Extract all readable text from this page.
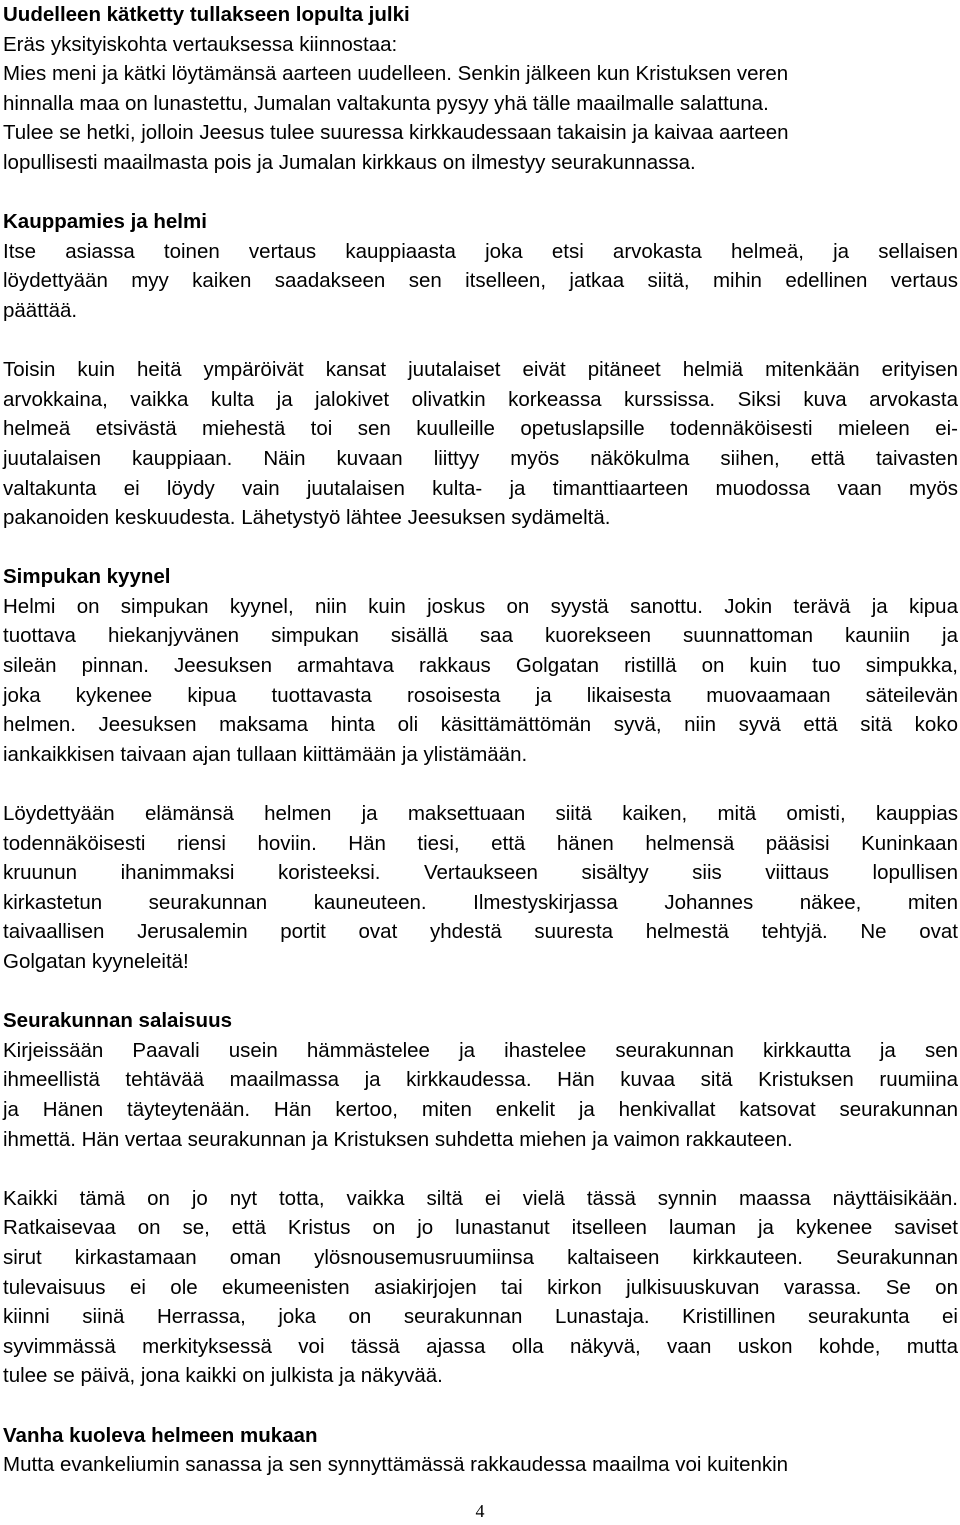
Uudelleen kätketty tullakseen lopulta julki
Eräs yksityiskohta vertauksessa kiinnostaa:
Mies meni ja kätki löytämänsä aarteen uudelleen. Senkin jälkeen kun Kristuksen veren
hinnalla maa on lunastettu, Jumalan valtakunta pysyy yhä tälle maailmalle salattuna.
Tulee se hetki, jolloin Jeesus tulee suuressa kirkkaudessaan takaisin ja kaivaa aarteen
lopullisesti maailmasta pois ja Jumalan kirkkaus on ilmestyy seurakunnassa.
Kauppamies ja helmi
Itse asiassa toinen vertaus kauppiaasta joka etsi arvokasta helmeä, ja sellaisen
löydettyään myy kaiken saadakseen sen itselleen, jatkaa siitä, mihin edellinen vertaus
päättää.
Toisin kuin heitä ympäröivät kansat juutalaiset eivät pitäneet helmiä mitenkään erityisen
arvokkaina, vaikka kulta ja jalokivet olivatkin korkeassa kurssissa. Siksi kuva arvokasta
helmeä etsivästä miehestä toi sen kuulleille opetuslapsille todennäköisesti mieleen ei-
juutalaisen kauppiaan. Näin kuvaan liittyy myös näkökulma siihen, että taivasten
valtakunta ei löydy vain juutalaisen kulta- ja timanttiaarteen muodossa vaan myös
pakanoiden keskuudesta. Lähetystyö lähtee Jeesuksen sydämeltä.
Simpukan kyynel
Helmi on simpukan kyynel, niin kuin joskus on syystä sanottu. Jokin terävä ja kipua
tuottava hiekanjyvänen simpukan sisällä saa kuorekseen suunnattoman kauniin ja
sileän pinnan. Jeesuksen armahtava rakkaus Golgatan ristillä on kuin tuo simpukka,
joka kykenee kipua tuottavasta rosoisesta ja likaisesta muovaamaan säteilevän
helmen. Jeesuksen maksama hinta oli käsittämättömän syvä, niin syvä että sitä koko
iankaikkisen taivaan ajan tullaan kiittämään ja ylistämään.
Löydettyään elämänsä helmen ja maksettuaan siitä kaiken, mitä omisti, kauppias
todennäköisesti riensi hoviin. Hän tiesi, että hänen helmensä pääsisi Kuninkaan
kruunun ihanimmaksi koristeeksi. Vertaukseen sisältyy siis viittaus lopullisen
kirkastetun seurakunnan kauneuteen. Ilmestyskirjassa Johannes näkee, miten
taivaallisen Jerusalemin portit ovat yhdestä suuresta helmestä tehtyjä. Ne ovat
Golgatan kyyneleitä!
Seurakunnan salaisuus
Kirjeissään Paavali usein hämmästelee ja ihastelee seurakunnan kirkkautta ja sen
ihmeellistä tehtävää maailmassa ja kirkkaudessa. Hän kuvaa sitä Kristuksen ruumiina
ja Hänen täyteytenään. Hän kertoo, miten enkelit ja henkivallat katsovat seurakunnan
ihmettä. Hän vertaa seurakunnan ja Kristuksen suhdetta miehen ja vaimon rakkauteen.
Kaikki tämä on jo nyt totta, vaikka siltä ei vielä tässä synnin maassa näyttäisikään.
Ratkaisevaa on se, että Kristus on jo lunastanut itselleen lauman ja kykenee saviset
sirut kirkastamaan oman ylösnousemusruumiinsa kaltaiseen kirkkauteen. Seurakunnan
tulevaisuus ei ole ekumeenisten asiakirjojen tai kirkon julkisuuskuvan varassa. Se on
kiinni siinä Herrassa, joka on seurakunnan Lunastaja. Kristillinen seurakunta ei
syvimmässä merkityksessä voi tässä ajassa olla näkyvä, vaan uskon kohde, mutta
tulee se päivä, jona kaikki on julkista ja näkyvää.
Vanha kuoleva helmeen mukaan
Mutta evankeliumin sanassa ja sen synnyttämässä rakkaudessa maailma voi kuitenkin
4
